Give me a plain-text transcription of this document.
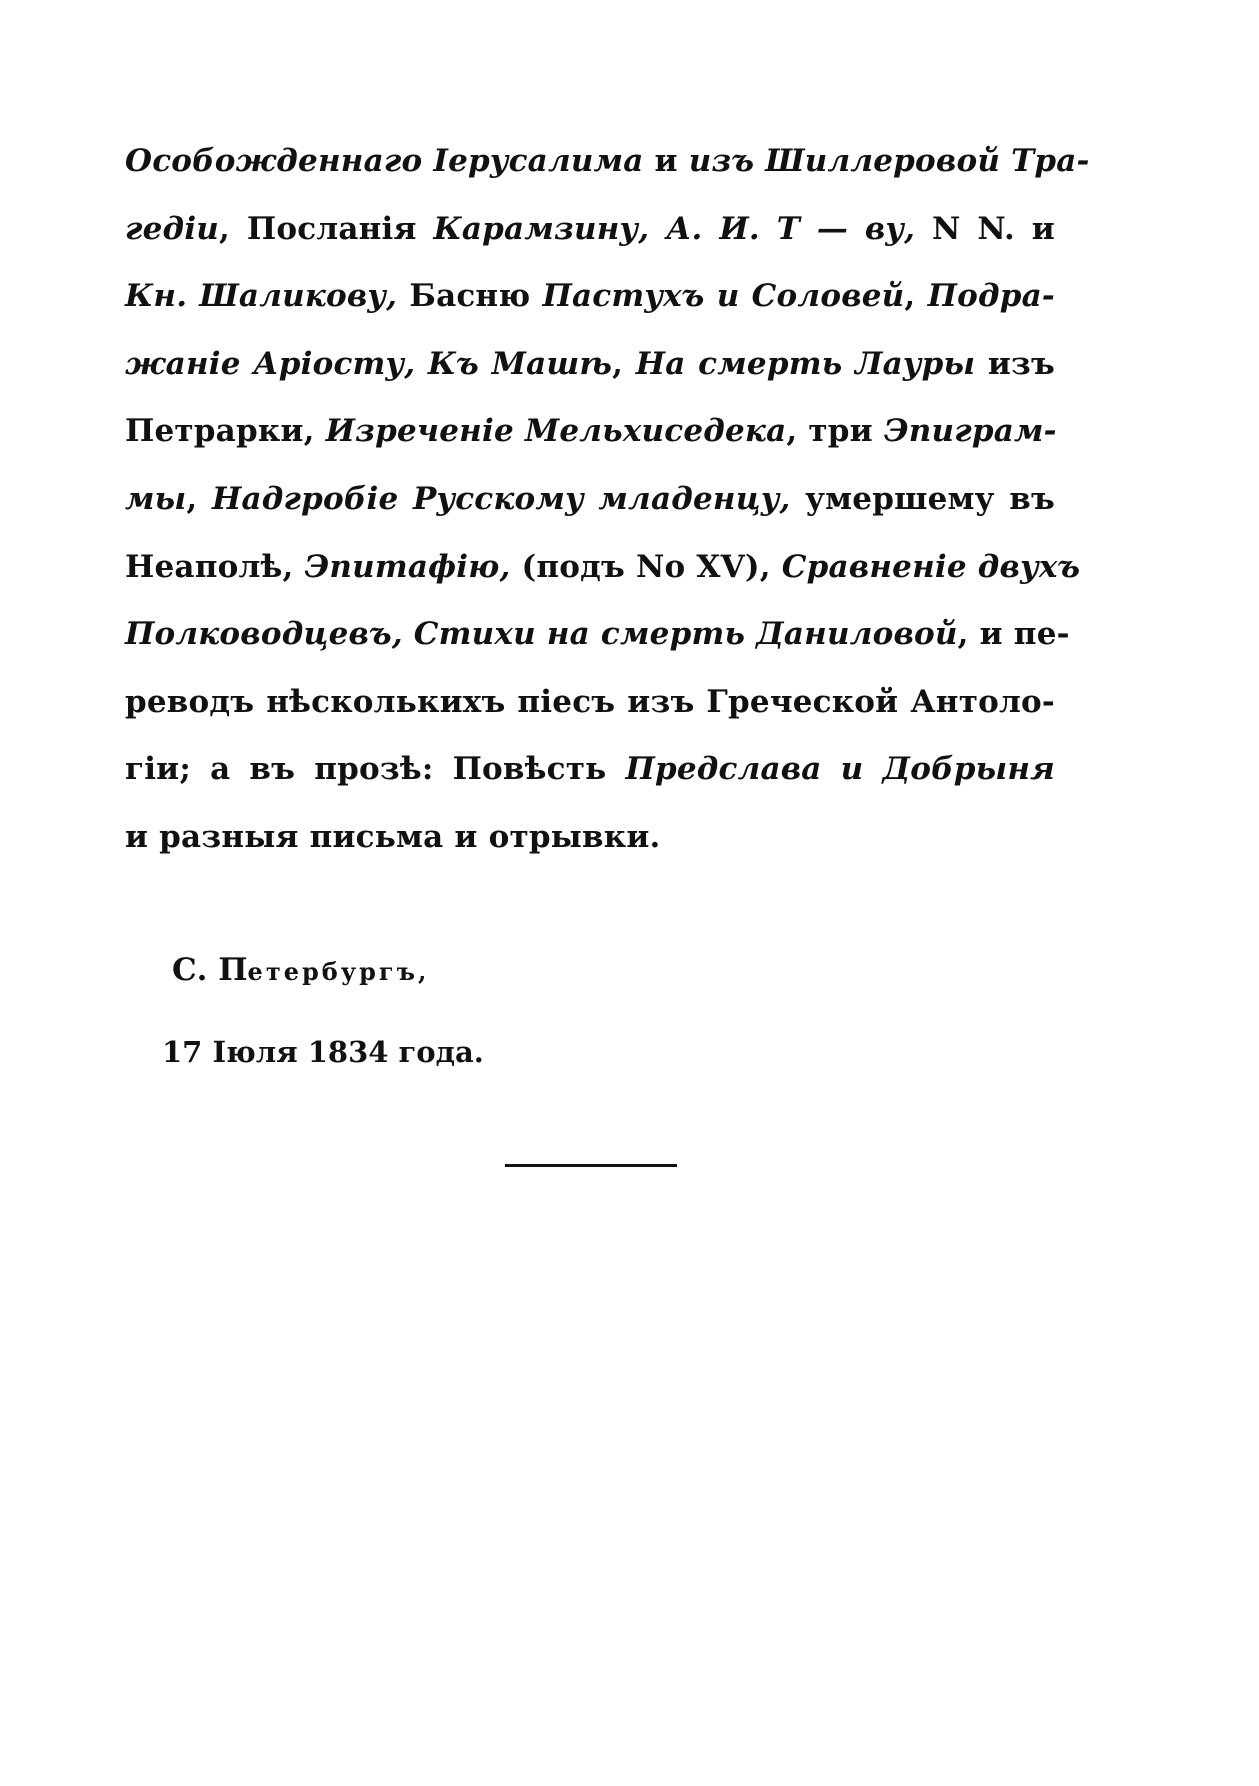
Особожденнаго Iерусалима и изъ Шиллеровой Тра-
гедiи, Посланiя Карамзину, А. И. Т — ву, N N. и
Кн. Шаликову, Басню Пастухъ и Соловей, Подра-
жанiе Арiосту, Къ Машѣ, На смерть Лауры изъ
Петрарки, Изреченiе Мельхиседека, три Эпиграм-
мы, Надгробiе Русскому младенцу, умершему въ
Неаполѣ, Эпитафiю, (подъ No XV), Сравненiе двухъ
Полководцевъ, Стихи на смерть Даниловой, и пе-
реводъ нѣсколькихъ пiесъ изъ Греческой Антоло-
гiи; а въ прозѣ: Повѣсть Предслава и Добрыня
и разныя письма и отрывки.
С. Петербургъ,
17 Iюля 1834 года.
